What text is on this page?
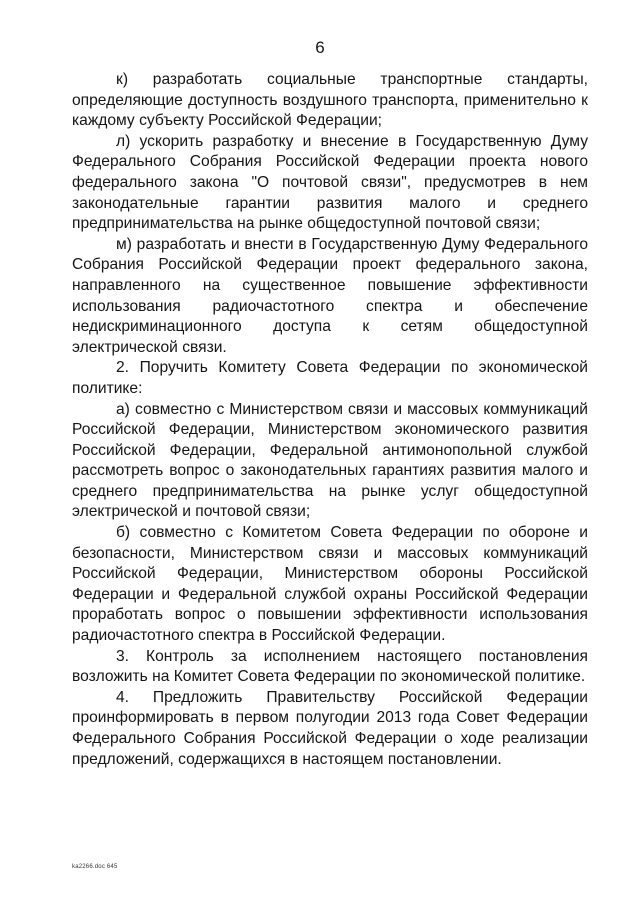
6

к) разработать социальные транспортные стандарты, определяющие доступность воздушного транспорта, применительно к каждому субъекту Российской Федерации;

л) ускорить разработку и внесение в Государственную Думу Федерального Собрания Российской Федерации проекта нового федерального закона "О почтовой связи", предусмотрев в нем законодательные гарантии развития малого и среднего предпринимательства на рынке общедоступной почтовой связи;

м) разработать и внести в Государственную Думу Федерального Собрания Российской Федерации проект федерального закона, направленного на существенное повышение эффективности использования радиочастотного спектра и обеспечение недискриминационного доступа к сетям общедоступной электрической связи.

2. Поручить Комитету Совета Федерации по экономической политике:

а) совместно с Министерством связи и массовых коммуникаций Российской Федерации, Министерством экономического развития Российской Федерации, Федеральной антимонопольной службой рассмотреть вопрос о законодательных гарантиях развития малого и среднего предпринимательства на рынке услуг общедоступной электрической и почтовой связи;

б) совместно с Комитетом Совета Федерации по обороне и безопасности, Министерством связи и массовых коммуникаций Российской Федерации, Министерством обороны Российской Федерации и Федеральной службой охраны Российской Федерации проработать вопрос о повышении эффективности использования радиочастотного спектра в Российской Федерации.

3. Контроль за исполнением настоящего постановления возложить на Комитет Совета Федерации по экономической политике.

4. Предложить Правительству Российской Федерации проинформировать в первом полугодии 2013 года Совет Федерации Федерального Собрания Российской Федерации о ходе реализации предложений, содержащихся в настоящем постановлении.

ka2266.doc 645
